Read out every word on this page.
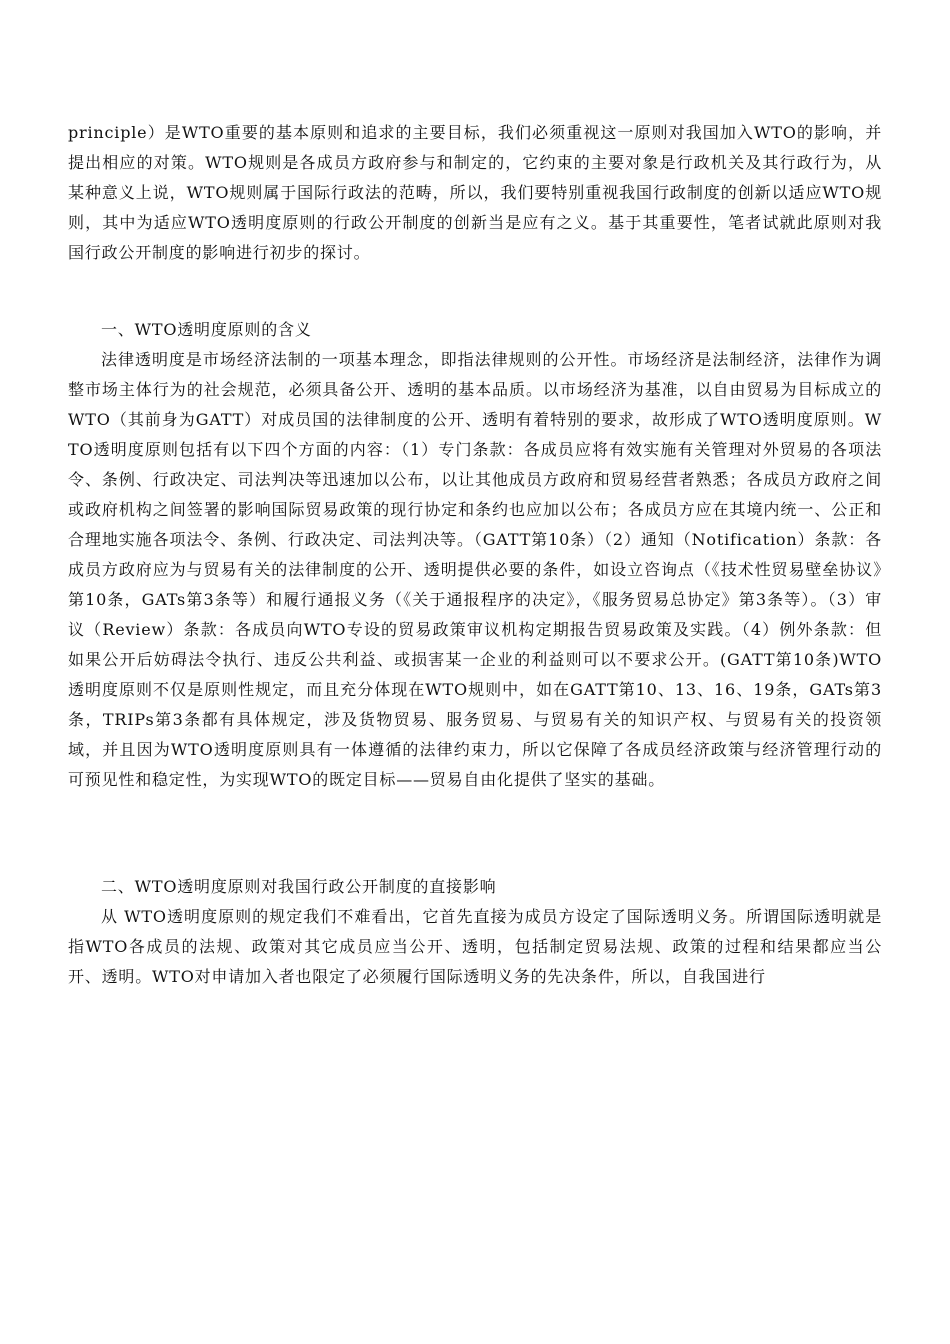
principle）是WTO重要的基本原则和追求的主要目标，我们必须重视这一原则对我国加入WTO的影响，并提出相应的对策。WTO规则是各成员方政府参与和制定的，它约束的主要对象是行政机关及其行政行为，从某种意义上说，WTO规则属于国际行政法的范畴，所以，我们要特别重视我国行政制度的创新以适应WTO规则，其中为适应WTO透明度原则的行政公开制度的创新当是应有之义。基于其重要性，笔者试就此原则对我国行政公开制度的影响进行初步的探讨。

一、WTO透明度原则的含义

法律透明度是市场经济法制的一项基本理念，即指法律规则的公开性。市场经济是法制经济，法律作为调整市场主体行为的社会规范，必须具备公开、透明的基本品质。以市场经济为基准，以自由贸易为目标成立的WTO（其前身为GATT）对成员国的法律制度的公开、透明有着特别的要求，故形成了WTO透明度原则。WTO透明度原则包括有以下四个方面的内容：（1）专门条款：各成员应将有效实施有关管理对外贸易的各项法令、条例、行政决定、司法判决等迅速加以公布，以让其他成员方政府和贸易经营者熟悉；各成员方政府之间或政府机构之间签署的影响国际贸易政策的现行协定和条约也应加以公布；各成员方应在其境内统一、公正和合理地实施各项法令、条例、行政决定、司法判决等。（GATT第10条）（2）通知（Notification）条款：各成员方政府应为与贸易有关的法律制度的公开、透明提供必要的条件，如设立咨询点（《技术性贸易壁垒协议》第10条，GATs第3条等）和履行通报义务（《关于通报程序的决定》，《服务贸易总协定》第3条等）。（3）审议（Review）条款：各成员向WTO专设的贸易政策审议机构定期报告贸易政策及实践。（4）例外条款：但如果公开后妨碍法令执行、违反公共利益、或损害某一企业的利益则可以不要求公开。(GATT第10条)WTO透明度原则不仅是原则性规定，而且充分体现在WTO规则中，如在GATT第10、13、16、19条，GATs第3条，TRIPs第3条都有具体规定，涉及货物贸易、服务贸易、与贸易有关的知识产权、与贸易有关的投资领域，并且因为WTO透明度原则具有一体遵循的法律约束力，所以它保障了各成员经济政策与经济管理行动的可预见性和稳定性，为实现WTO的既定目标——贸易自由化提供了坚实的基础。

二、WTO透明度原则对我国行政公开制度的直接影响

从 WTO透明度原则的规定我们不难看出，它首先直接为成员方设定了国际透明义务。所谓国际透明就是指WTO各成员的法规、政策对其它成员应当公开、透明，包括制定贸易法规、政策的过程和结果都应当公开、透明。WTO对申请加入者也限定了必须履行国际透明义务的先决条件，所以，自我国进行
